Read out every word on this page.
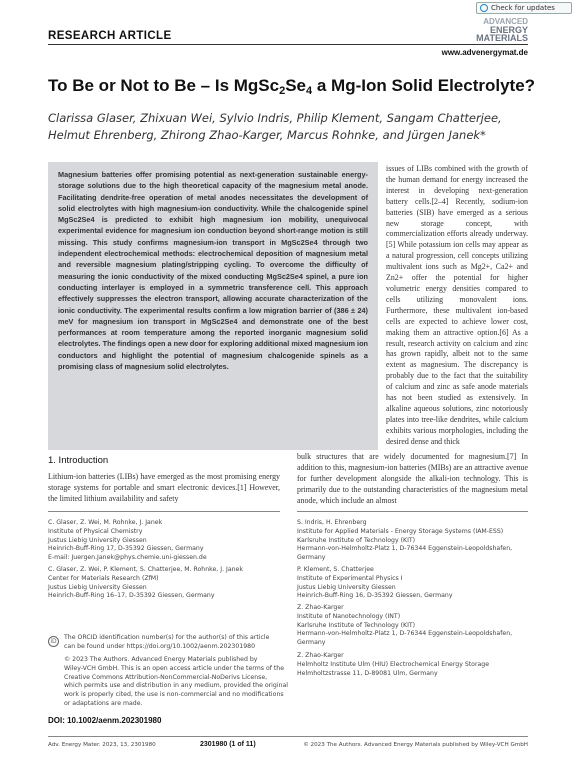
Check for updates
RESEARCH ARTICLE
ADVANCED
ENERGY
MATERIALS
www.advenergymat.de
To Be or Not to Be – Is $MgSc_2Se_4$ a Mg-Ion Solid Electrolyte?
Clarissa Glaser, Zhixuan Wei, Sylvio Indris, Philip Klement, Sangam Chatterjee,
Helmut Ehrenberg, Zhirong Zhao-Karger, Marcus Rohnke, and Jürgen Janek*

Magnesium batteries offer promising potential as next-generation sustainable energy-storage solutions due to the high theoretical capacity of the magnesium metal anode. Facilitating dendrite-free operation of metal anodes necessitates the development of solid electrolytes with high magnesium-ion conductivity. While the chalcogenide spinel MgSc2Se4 is predicted to exhibit high magnesium ion mobility, unequivocal experimental evidence for magnesium ion conduction beyond short-range motion is still missing. This study confirms magnesium-ion transport in MgSc2Se4 through two independent electrochemical methods: electrochemical deposition of magnesium metal and reversible magnesium plating/stripping cycling. To overcome the difficulty of measuring the ionic conductivity of the mixed conducting MgSc2Se4 spinel, a pure ion conducting interlayer is employed in a symmetric transference cell. This approach effectively suppresses the electron transport, allowing accurate characterization of the ionic conductivity. The experimental results confirm a low migration barrier of (386 ± 24) meV for magnesium ion transport in MgSc2Se4 and demonstrate one of the best performances at room temperature among the reported inorganic magnesium solid electrolytes. The findings open a new door for exploring additional mixed magnesium ion conductors and highlight the potential of magnesium chalcogenide spinels as a promising class of magnesium solid electrolytes.

issues of LIBs combined with the growth of the human demand for energy increased the interest in developing next-generation battery cells.[2–4] Recently, sodium-ion batteries (SIB) have emerged as a serious new storage concept, with commercialization efforts already underway.[5] While potassium ion cells may appear as a natural progression, cell concepts utilizing multivalent ions such as Mg2+, Ca2+ and Zn2+ offer the potential for higher volumetric energy densities compared to cells utilizing monovalent ions. Furthermore, these multivalent ion-based cells are expected to achieve lower cost, making them an attractive option.[6] As a result, research activity on calcium and zinc has grown rapidly, albeit not to the same extent as magnesium. The discrepancy is probably due to the fact that the suitability of calcium and zinc as safe anode materials has not been studied as extensively. In alkaline aqueous solutions, zinc notoriously plates into tree-like dendrites, while calcium exhibits various morphologies, including the desired dense and thick
1. Introduction
Lithium-ion batteries (LIBs) have emerged as the most promising energy storage systems for portable and smart electronic devices.[1] However, the limited lithium availability and safety
bulk structures that are widely documented for magnesium.[7] In addition to this, magnesium-ion batteries (MIBs) are an attractive avenue for further development alongside the alkali-ion technology. This is primarily due to the outstanding characteristics of the magnesium metal anode, which include an almost
C. Glaser, Z. Wei, M. Rohnke, J. Janek
Institute of Physical Chemistry
Justus Liebig University Giessen
Heinrich-Buff-Ring 17, D-35392 Giessen, Germany
E-mail: Juergen.Janek@phys.chemie.uni-giessen.de
C. Glaser, Z. Wei, P. Klement, S. Chatterjee, M. Rohnke, J. Janek
Center for Materials Research (ZfM)
Justus Liebig University Giessen
Heinrich-Buff-Ring 16–17, D-35392 Giessen, Germany
iD
The ORCID identification number(s) for the author(s) of this article
can be found under https://doi.org/10.1002/aenm.202301980
© 2023 The Authors. Advanced Energy Materials published by
Wiley-VCH GmbH. This is an open access article under the terms of the
Creative Commons Attribution-NonCommercial-NoDerivs License,
which permits use and distribution in any medium, provided the original
work is properly cited, the use is non-commercial and no modifications
or adaptations are made.
DOI: 10.1002/aenm.202301980
S. Indris, H. Ehrenberg
Institute for Applied Materials - Energy Storage Systems (IAM-ESS)
Karlsruhe Institute of Technology (KIT)
Hermann-von-Helmholtz-Platz 1, D-76344 Eggenstein-Leopoldshafen,
Germany
P. Klement, S. Chatterjee
Institute of Experimental Physics I
Justus Liebig University Giessen
Heinrich-Buff-Ring 16, D-35392 Giessen, Germany
Z. Zhao-Karger
Institute of Nanotechnology (INT)
Karlsruhe Institute of Technology (KIT)
Hermann-von-Helmholtz-Platz 1, D-76344 Eggenstein-Leopoldshafen,
Germany
Z. Zhao-Karger
Helmholtz Institute Ulm (HIU) Electrochemical Energy Storage
Helmholtzstrasse 11, D-89081 Ulm, Germany
Adv. Energy Mater. 2023, 13, 2301980	2301980 (1 of 11)	© 2023 The Authors. Advanced Energy Materials published by Wiley-VCH GmbH
